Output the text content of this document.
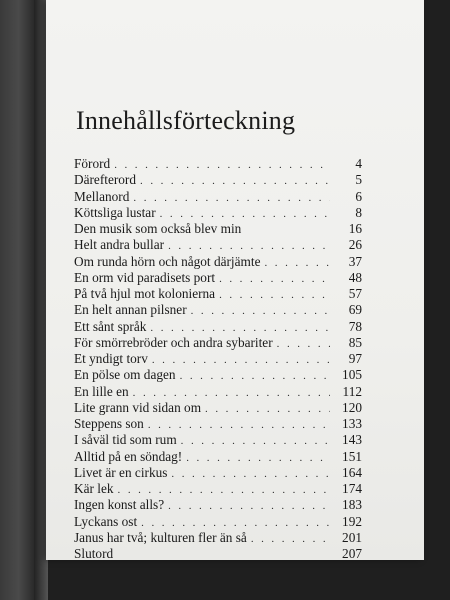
Innehållsförteckning
Förord . . .	4
Därefterord . . .	5
Mellanord . . .	6
Köttsliga lustar . . .	8
Den musik som också blev min	16
Helt andra bullar . . .	26
Om runda hörn och något därjämte . . .	37
En orm vid paradisets port . . .	48
På två hjul mot kolonierna . . .	57
En helt annan pilsner . . .	69
Ett sånt språk . . .	78
För smörrebröder och andra sybariter . . .	85
Et yndigt torv . . .	97
En pölse om dagen . . .	105
En lille en . . .	112
Lite grann vid sidan om . . .	120
Steppens son . . .	133
I såväl tid som rum . . .	143
Alltid på en söndag! . . .	151
Livet är en cirkus . . .	164
Kär lek . . .	174
Ingen konst alls? . . .	183
Lyckans ost . . .	192
Janus har två; kulturen fler än så . . .	201
Slutord	207
